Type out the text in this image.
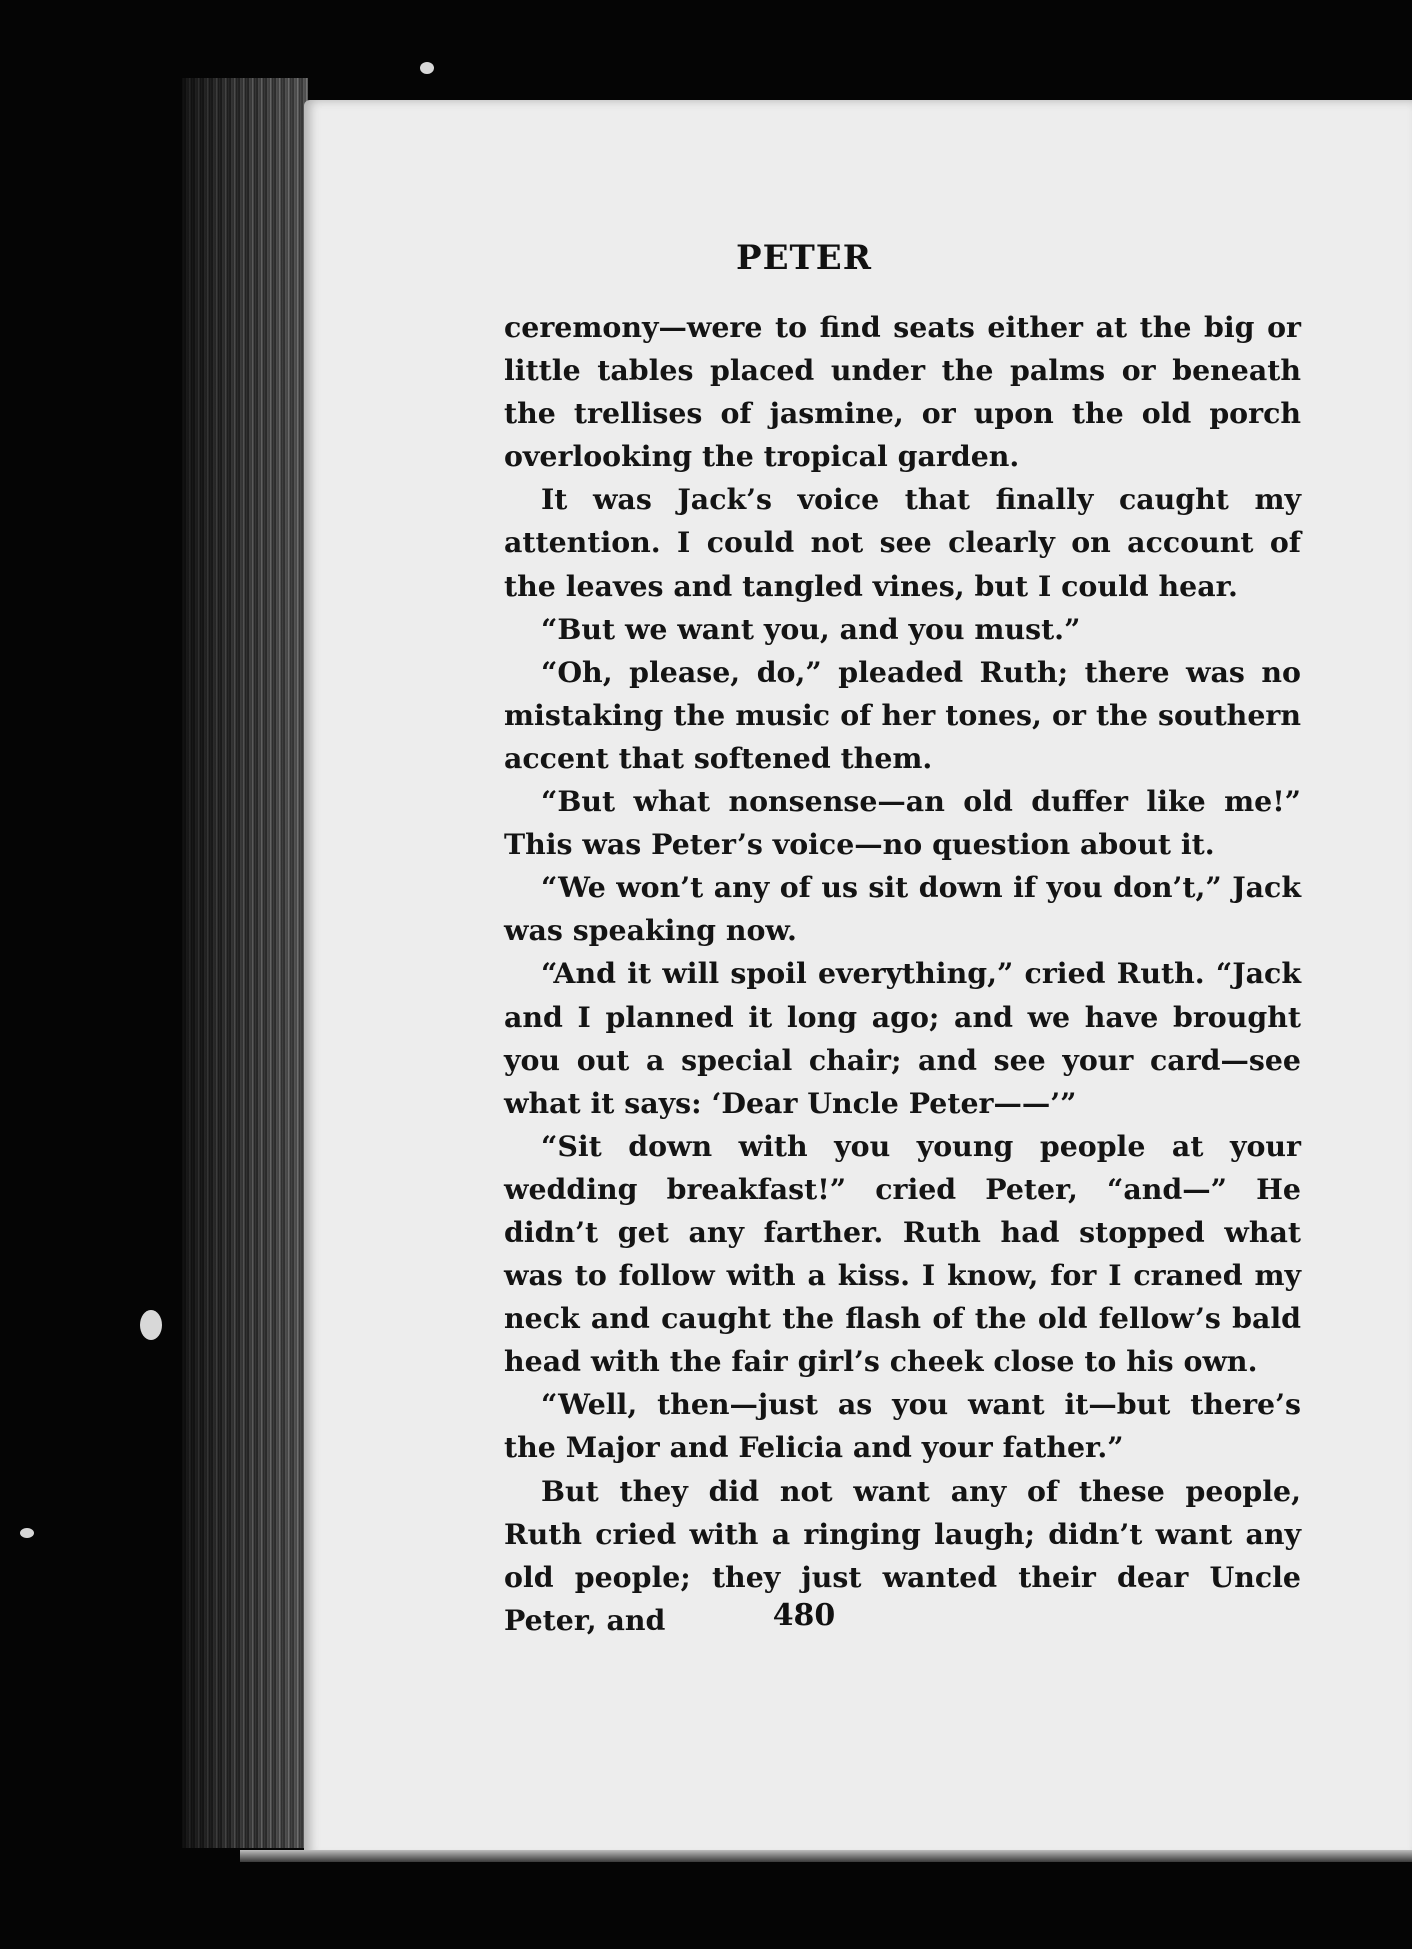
PETER

ceremony—were to find seats either at the big or little tables placed under the palms or beneath the trellises of jasmine, or upon the old porch overlooking the tropical garden.

It was Jack’s voice that finally caught my attention. I could not see clearly on account of the leaves and tangled vines, but I could hear.

“But we want you, and you must.”

“Oh, please, do,” pleaded Ruth; there was no mistaking the music of her tones, or the southern accent that softened them.

“But what nonsense—an old duffer like me!” This was Peter’s voice—no question about it.

“We won’t any of us sit down if you don’t,” Jack was speaking now.

“And it will spoil everything,” cried Ruth. “Jack and I planned it long ago; and we have brought you out a special chair; and see your card—see what it says: ‘Dear Uncle Peter——’”

“Sit down with you young people at your wedding breakfast!” cried Peter, “and—” He didn’t get any farther. Ruth had stopped what was to follow with a kiss. I know, for I craned my neck and caught the flash of the old fellow’s bald head with the fair girl’s cheek close to his own.

“Well, then—just as you want it—but there’s the Major and Felicia and your father.”

But they did not want any of these people, Ruth cried with a ringing laugh; didn’t want any old people; they just wanted their dear Uncle Peter, and	480
